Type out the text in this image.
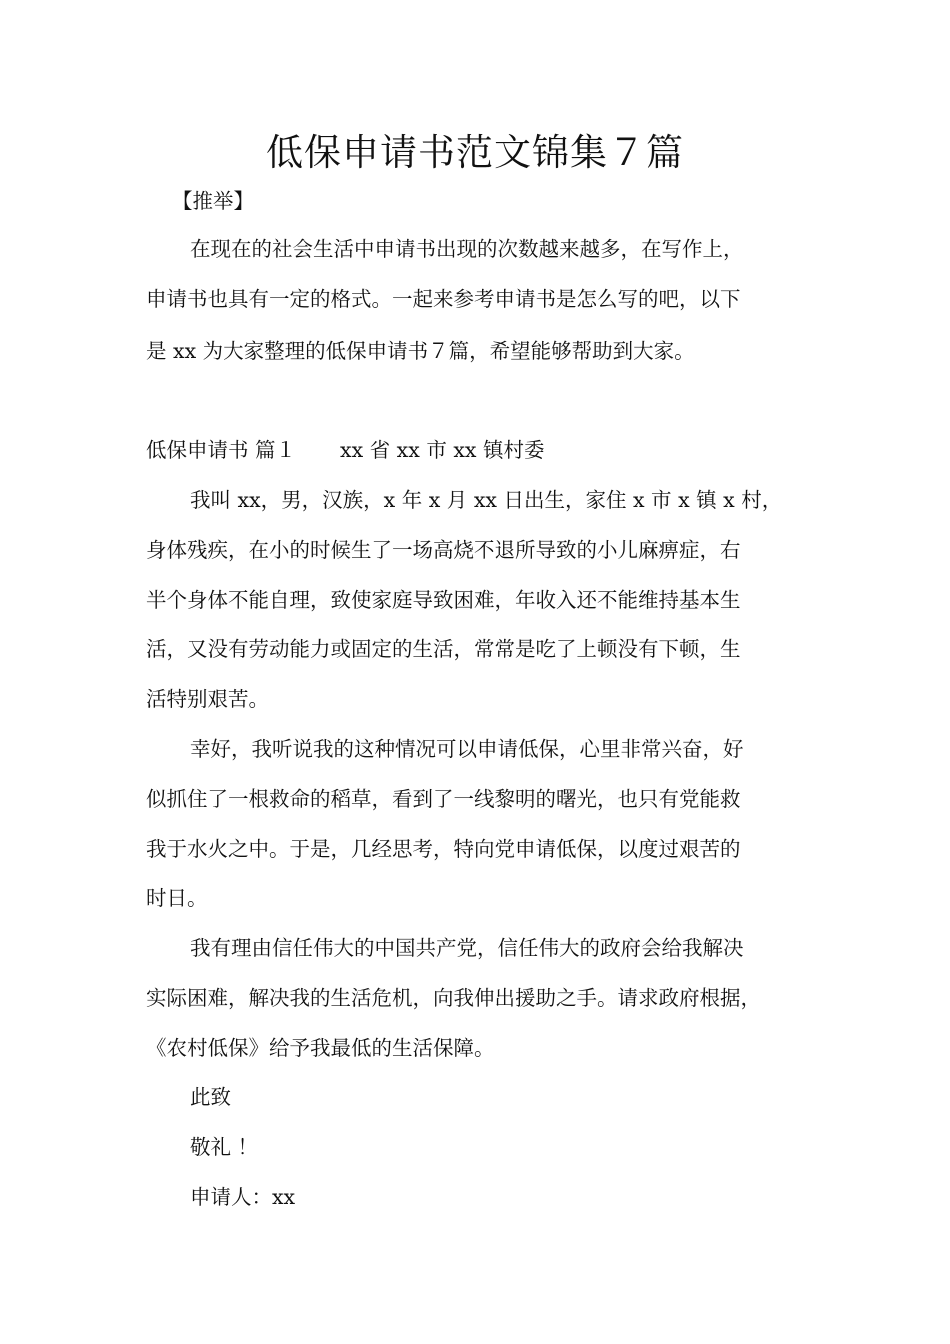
低保申请书范文锦集７篇
【推举】
在现在的社会生活中申请书出现的次数越来越多，在写作上，
申请书也具有一定的格式。一起来参考申请书是怎么写的吧，以下
是 xx 为大家整理的低保申请书７篇，希望能够帮助到大家。
低保申请书 篇１ xx 省 xx 市 xx 镇村委
我叫 xx，男，汉族，x 年 x 月 xx 日出生，家住 x 市 x 镇 x 村，
身体残疾，在小的时候生了一场高烧不退所导致的小儿麻痹症，右
半个身体不能自理，致使家庭导致困难，年收入还不能维持基本生
活，又没有劳动能力或固定的生活，常常是吃了上顿没有下顿，生
活特别艰苦。
幸好，我听说我的这种情况可以申请低保，心里非常兴奋，好
似抓住了一根救命的稻草，看到了一线黎明的曙光，也只有党能救
我于水火之中。于是，几经思考，特向党申请低保，以度过艰苦的
时日。
我有理由信任伟大的中国共产党，信任伟大的政府会给我解决
实际困难，解决我的生活危机，向我伸出援助之手。请求政府根据，
《农村低保》给予我最低的生活保障。
此致
敬礼 ！
申请人：xx
